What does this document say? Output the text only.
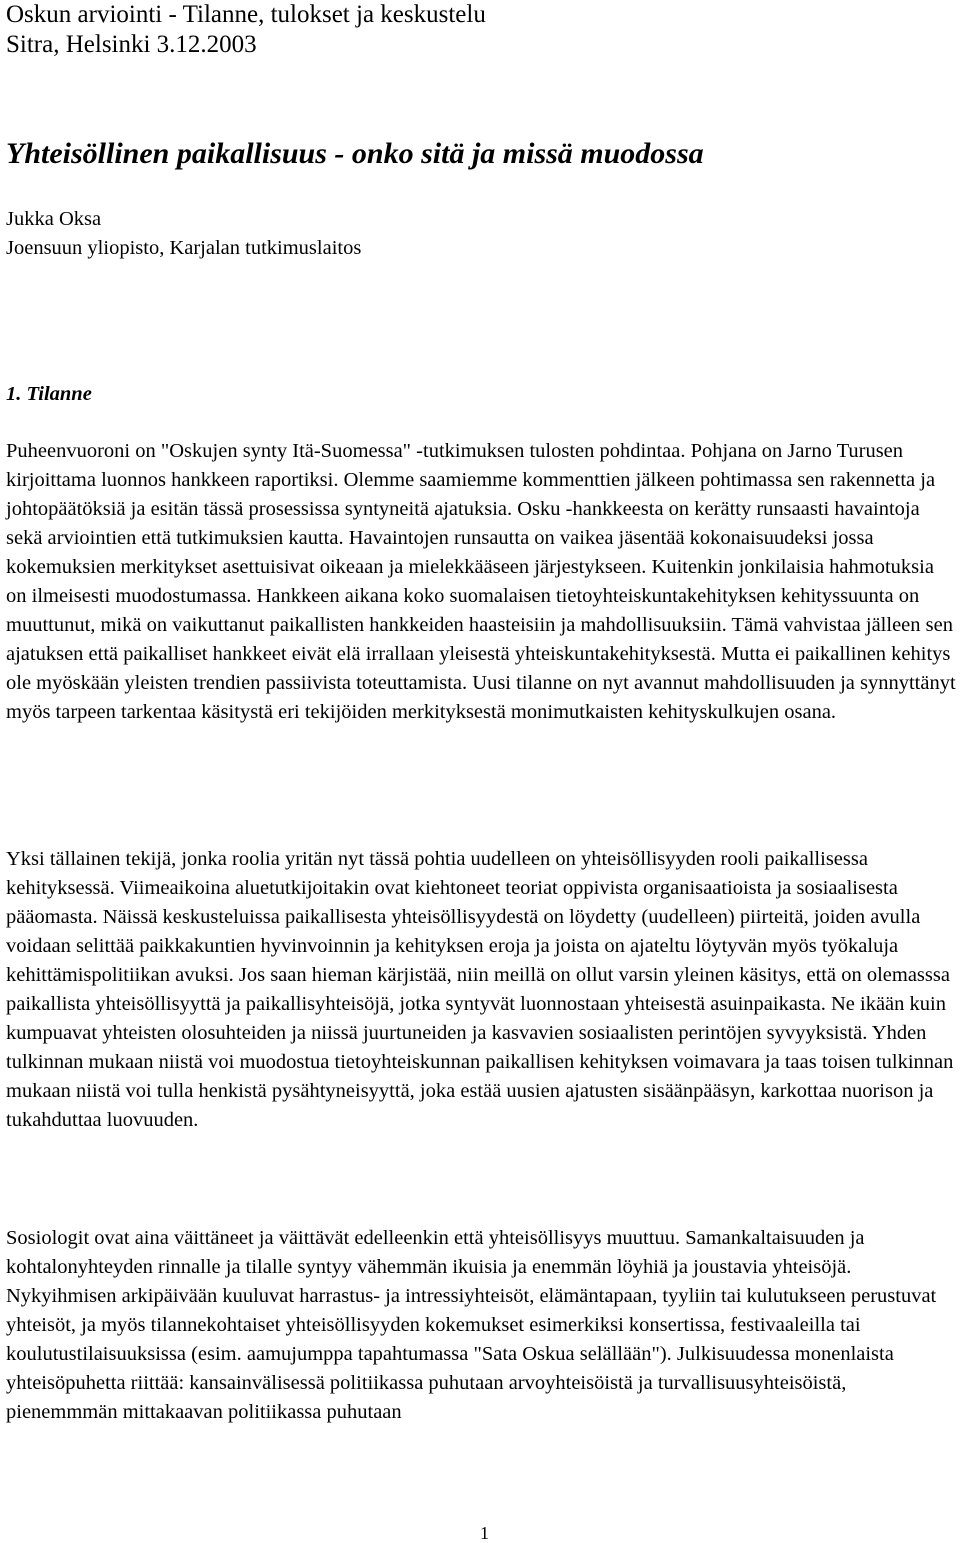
Oskun arviointi - Tilanne, tulokset ja keskustelu

Sitra, Helsinki 3.12.2003

Yhteisöllinen paikallisuus - onko sitä ja missä muodossa

Jukka Oksa

Joensuun yliopisto, Karjalan tutkimuslaitos

1. Tilanne

Puheenvuoroni on "Oskujen synty Itä-Suomessa" -tutkimuksen tulosten pohdintaa. Pohjana on Jarno Turusen kirjoittama luonnos hankkeen raportiksi. Olemme saamiemme kommenttien jälkeen pohtimassa sen rakennetta ja johtopäätöksiä ja esitän tässä prosessissa syntyneitä ajatuksia. Osku -hankkeesta on kerätty runsaasti havaintoja sekä arviointien että tutkimuksien kautta. Havaintojen runsautta on vaikea jäsentää kokonaisuudeksi jossa kokemuksien merkitykset asettuisivat oikeaan ja mielekkääseen järjestykseen. Kuitenkin jonkilaisia hahmotuksia on ilmeisesti muodostumassa. Hankkeen aikana koko suomalaisen tietoyhteiskuntakehityksen kehityssuunta on muuttunut, mikä on vaikuttanut paikallisten hankkeiden haasteisiin ja mahdollisuuksiin. Tämä vahvistaa jälleen sen ajatuksen että paikalliset hankkeet eivät elä irrallaan yleisestä yhteiskuntakehityksestä. Mutta ei paikallinen kehitys ole myöskään yleisten trendien passiivista toteuttamista. Uusi tilanne on nyt avannut mahdollisuuden ja synnyttänyt myös tarpeen tarkentaa käsitystä eri tekijöiden merkityksestä monimutkaisten kehityskulkujen osana.

Yksi tällainen tekijä, jonka roolia yritän nyt tässä pohtia uudelleen on yhteisöllisyyden rooli paikallisessa kehityksessä. Viimeaikoina aluetutkijoitakin ovat kiehtoneet teoriat oppivista organisaatioista ja sosiaalisesta pääomasta. Näissä keskusteluissa paikallisesta yhteisöllisyydestä on löydetty (uudelleen) piirteitä, joiden avulla voidaan selittää paikkakuntien hyvinvoinnin ja kehityksen eroja ja joista on ajateltu löytyvän myös työkaluja kehittämispolitiikan avuksi. Jos saan hieman kärjistää, niin meillä on ollut varsin yleinen käsitys, että on olemasssa paikallista yhteisöllisyyttä ja paikallisyhteisöjä, jotka syntyvät luonnostaan yhteisestä asuinpaikasta. Ne ikään kuin kumpuavat yhteisten olosuhteiden ja niissä juurtuneiden ja kasvavien sosiaalisten perintöjen syvyyksistä. Yhden tulkinnan mukaan niistä voi muodostua tietoyhteiskunnan paikallisen kehityksen voimavara ja taas toisen tulkinnan mukaan niistä voi tulla henkistä pysähtyneisyyttä, joka estää uusien ajatusten sisäänpääsyn, karkottaa nuorison ja tukahduttaa luovuuden.

Sosiologit ovat aina väittäneet ja väittävät edelleenkin että yhteisöllisyys muuttuu. Samankaltaisuuden ja kohtalonyhteyden rinnalle ja tilalle syntyy vähemmän ikuisia ja enemmän löyhiä ja joustavia yhteisöjä. Nykyihmisen arkipäivään kuuluvat harrastus- ja intressiyhteisöt, elämäntapaan, tyyliin tai kulutukseen perustuvat yhteisöt, ja myös tilannekohtaiset yhteisöllisyyden kokemukset esimerkiksi konsertissa, festivaaleilla tai koulutustilaisuuksissa (esim. aamujumppa tapahtumassa "Sata Oskua selällään"). Julkisuudessa monenlaista yhteisöpuhetta riittää: kansainvälisessä politiikassa puhutaan arvoyhteisöistä ja turvallisuusyhteisöistä, pienemmmän mittakaavan politiikassa puhutaan

1
